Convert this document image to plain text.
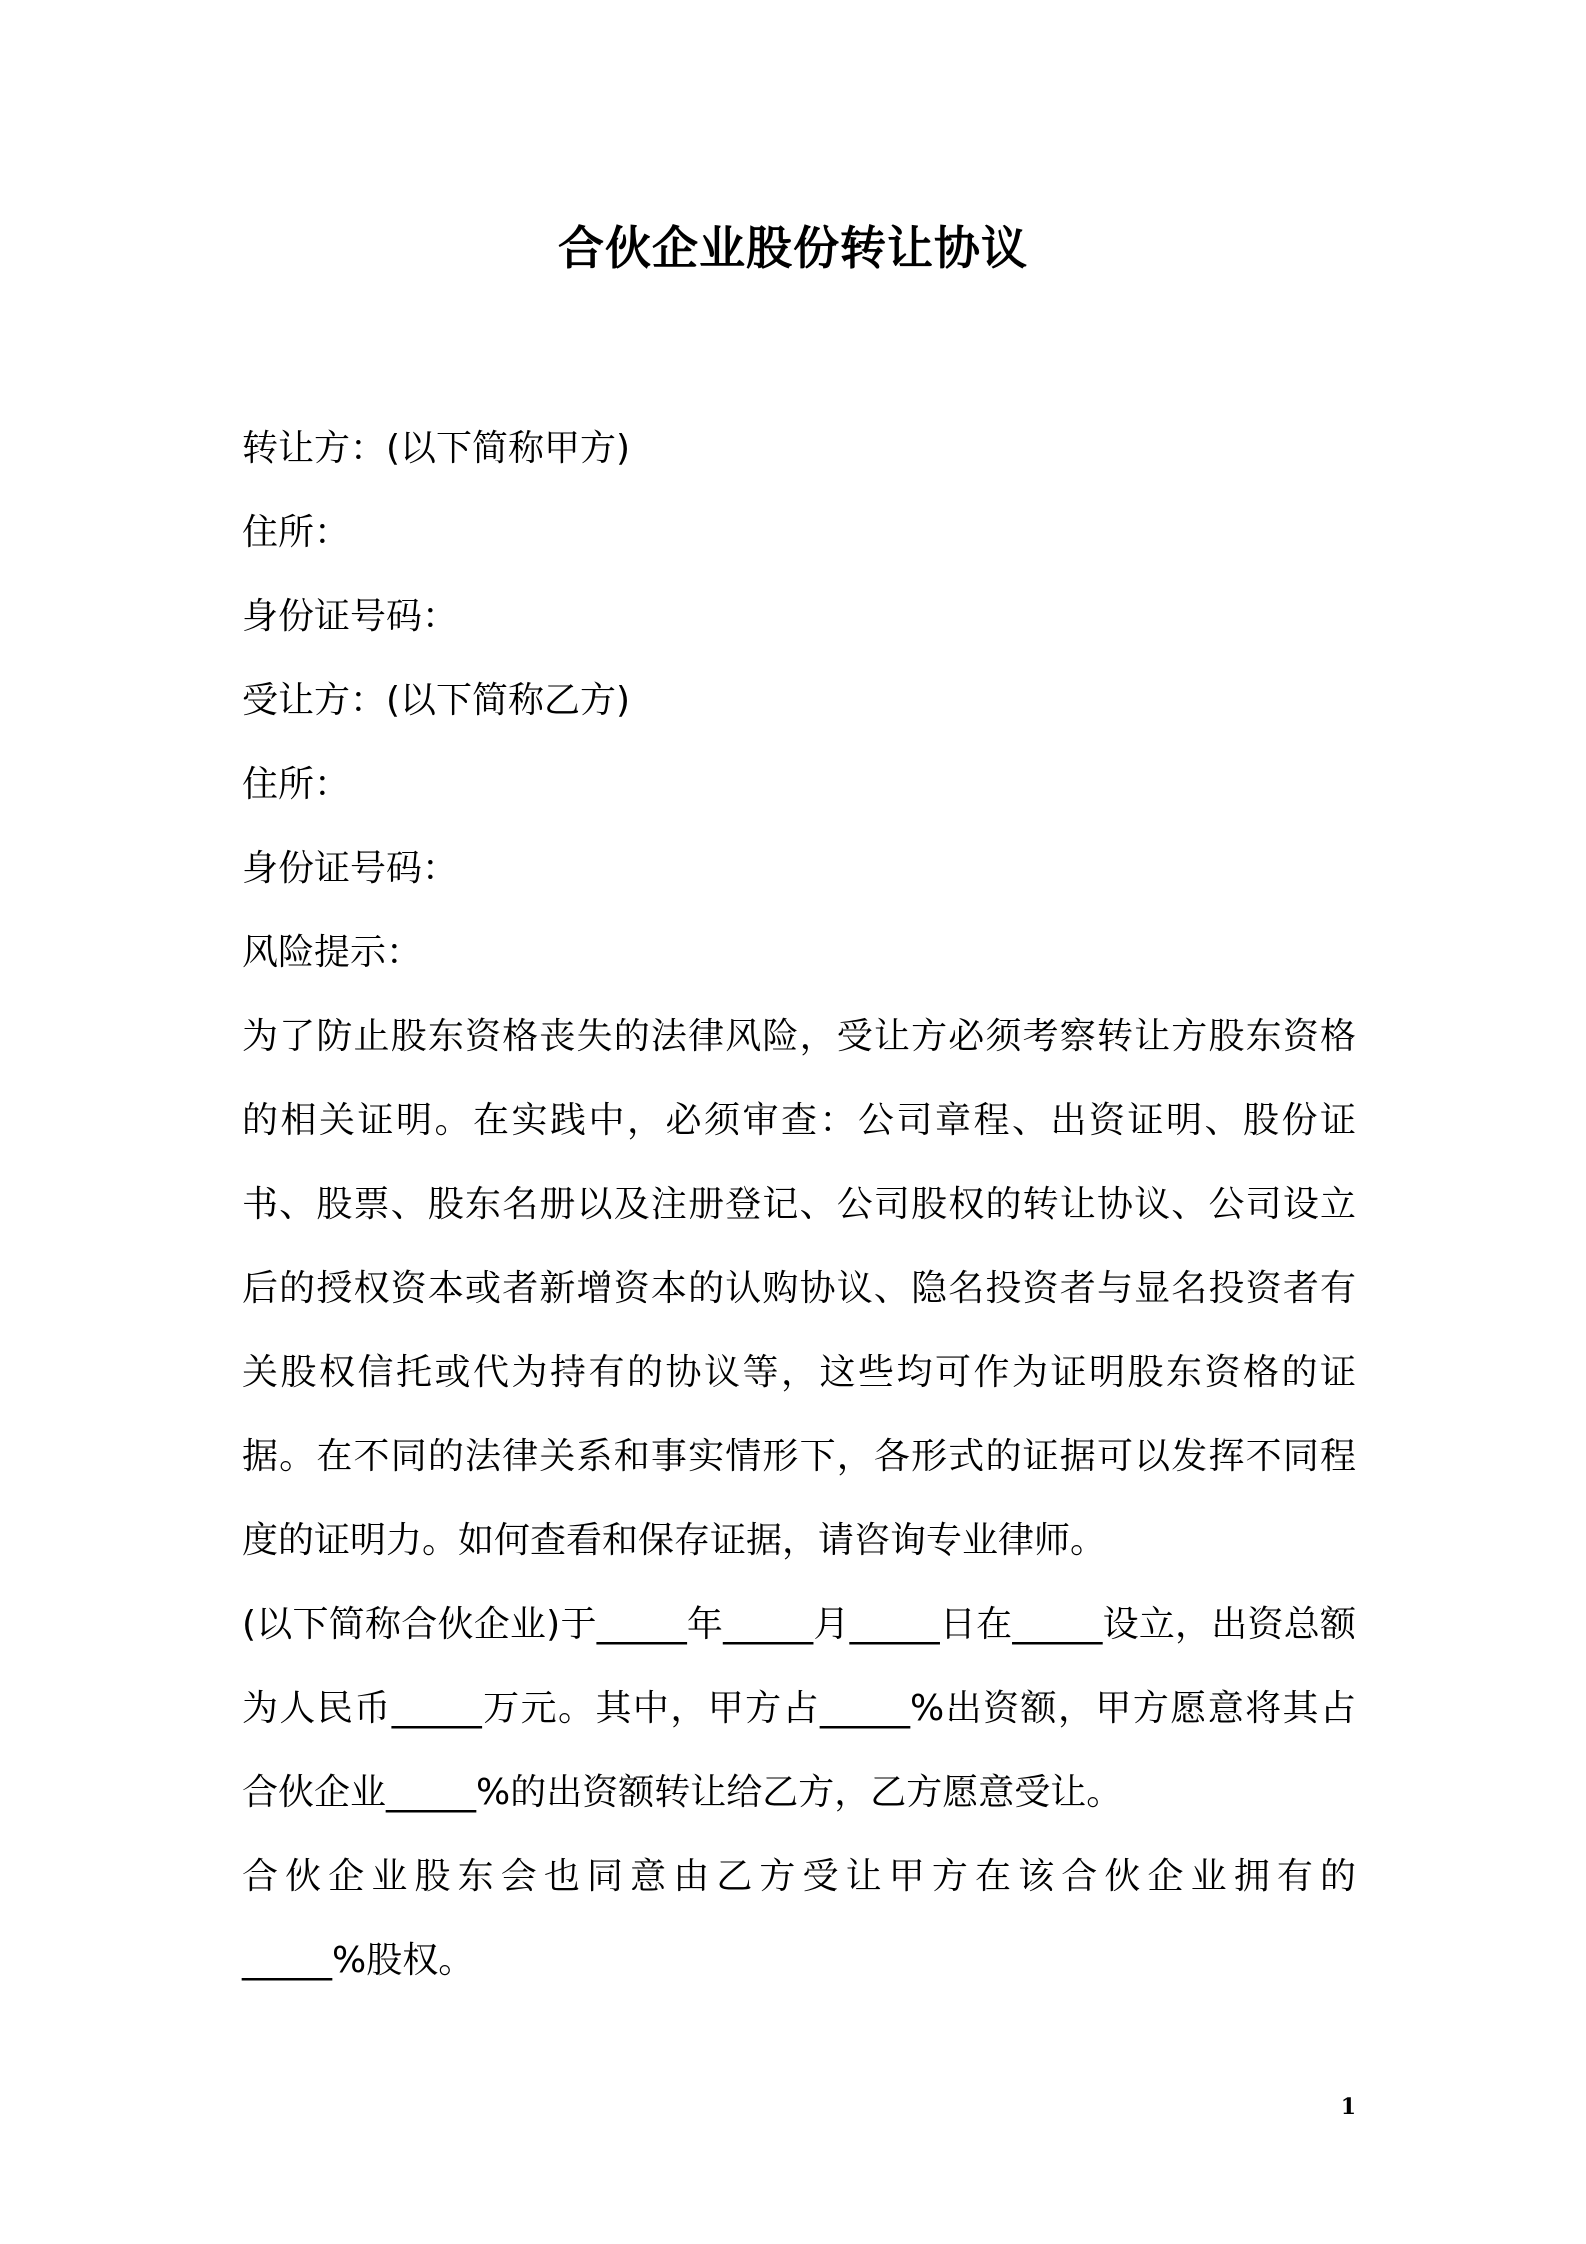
合伙企业股份转让协议
转让方：(以下简称甲方)
住所：
身份证号码：
受让方：(以下简称乙方)
住所：
身份证号码：
风险提示：
为了防止股东资格丧失的法律风险，受让方必须考察转让方股东资格的相关证明。在实践中，必须审查：公司章程、出资证明、股份证书、股票、股东名册以及注册登记、公司股权的转让协议、公司设立后的授权资本或者新增资本的认购协议、隐名投资者与显名投资者有关股权信托或代为持有的协议等，这些均可作为证明股东资格的证据。在不同的法律关系和事实情形下，各形式的证据可以发挥不同程度的证明力。如何查看和保存证据，请咨询专业律师。
(以下简称合伙企业)于_____年_____月_____日在_____设立，出资总额为人民币_____万元。其中，甲方占_____%出资额，甲方愿意将其占合伙企业_____%的出资额转让给乙方，乙方愿意受让。
合伙企业股东会也同意由乙方受让甲方在该合伙企业拥有的
_____%股权。
1
